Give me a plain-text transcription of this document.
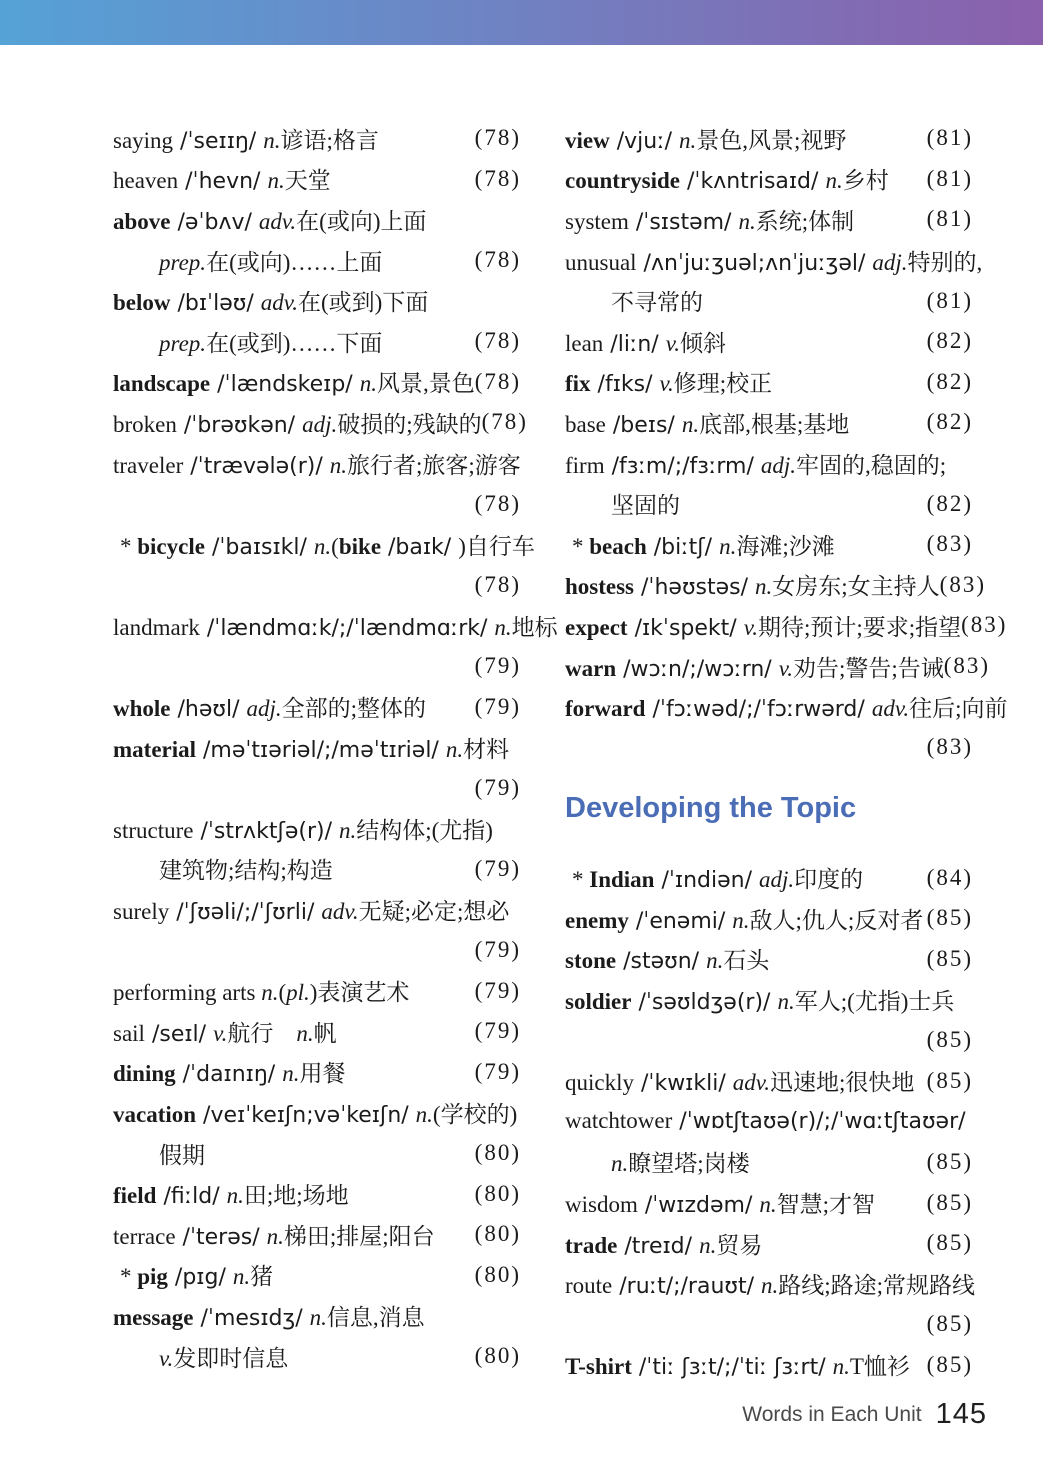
saying /ˈseɪɪŋ/ n.谚语;格言	(78)
heaven /ˈhevn/ n.天堂	(78)
above /əˈbʌv/ adv.在(或向)上面
prep.在(或向)……上面	(78)
below /bɪˈləʊ/ adv.在(或到)下面
prep.在(或到)……下面	(78)
landscape /ˈlændskeɪp/ n.风景,景色 (78)
broken /ˈbrəʊkən/ adj.破损的;残缺的 (78)
traveler /ˈtrævələ(r)/ n.旅行者;旅客;游客
(78)
* bicycle /ˈbaɪsɪkl/ n.(bike /baɪk/ )自行车
(78)
landmark /ˈlændmɑːk/;/ˈlændmɑːrk/ n.地标
(79)
whole /həʊl/ adj.全部的;整体的 (79)
material /məˈtɪəriəl/;/məˈtɪriəl/ n.材料
(79)
structure /ˈstrʌktʃə(r)/ n.结构体;(尤指)
建筑物;结构;构造	(79)
surely /ˈʃʊəli/;/ˈʃʊrli/ adv.无疑;必定;想必
(79)
performing arts n.(pl.)表演艺术	(79)
sail /seɪl/ v.航行　n.帆	(79)
dining /ˈdaɪnɪŋ/ n.用餐	(79)
vacation /veɪˈkeɪʃn;vəˈkeɪʃn/ n.(学校的)
假期	(80)
field /fiːld/ n.田;地;场地	(80)
terrace /ˈterəs/ n.梯田;排屋;阳台 (80)
* pig /pɪg/ n.猪	(80)
message /ˈmesɪdʒ/ n.信息,消息
v.发即时信息	(80)
view /vjuː/ n.景色,风景;视野	(81)
countryside /ˈkʌntrisaɪd/ n.乡村 (81)
system /ˈsɪstəm/ n.系统;体制	(81)
unusual /ʌnˈjuːʒuəl;ʌnˈjuːʒəl/ adj.特别的,
不寻常的	(81)
lean /liːn/ v.倾斜	(82)
fix /fɪks/ v.修理;校正	(82)
base /beɪs/ n.底部,根基;基地	(82)
firm /fɜːm/;/fɜːrm/ adj.牢固的,稳固的;
坚固的	(82)
* beach /biːtʃ/ n.海滩;沙滩	(83)
hostess /ˈhəʊstəs/ n.女房东;女主持人 (83)
expect /ɪkˈspekt/ v.期待;预计;要求;指望 (83)
warn /wɔːn/;/wɔːrn/ v.劝告;警告;告诫 (83)
forward /ˈfɔːwəd/;/ˈfɔːrwərd/ adv.往后;向前
(83)
Developing the Topic
* Indian /ˈɪndiən/ adj.印度的	(84)
enemy /ˈenəmi/ n.敌人;仇人;反对者 (85)
stone /stəʊn/ n.石头	(85)
soldier /ˈsəʊldʒə(r)/ n.军人;(尤指)士兵
(85)
quickly /ˈkwɪkli/ adv.迅速地;很快地 (85)
watchtower /ˈwɒtʃtaʊə(r)/;/ˈwɑːtʃtaʊər/
n.瞭望塔;岗楼	(85)
wisdom /ˈwɪzdəm/ n.智慧;才智 (85)
trade /treɪd/ n.贸易	(85)
route /ruːt/;/rauʊt/ n.路线;路途;常规路线
(85)
T-shirt /ˈtiː ʃɜːt/;/ˈtiː ʃɜːrt/ n.T恤衫 (85)
Words in Each Unit 145
